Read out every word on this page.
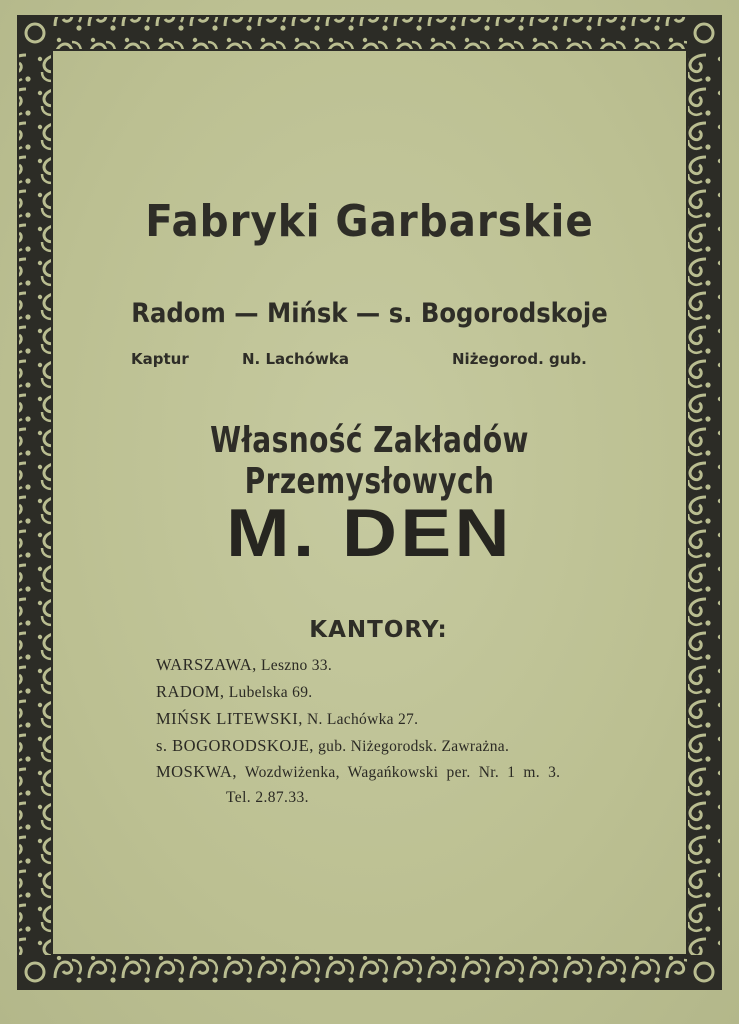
Fabryki Garbarskie
Radom — Mińsk — s. Bogorodskoje
Kaptur	N. Lachówka	Niżegorod. gub.
Własność Zakładów Przemysłowych
M. DEN
KANTORY:
WARSZAWA, Leszno 33.
RADOM, Lubelska 69.
MIŃSK LITEWSKI, N. Lachówka 27.
s. BOGORODSKOJE, gub. Niżegorodsk. Zawrażna.
MOSKWA, Wozdwiżenka, Wagańkowski per. Nr. 1 m. 3.
Tel. 2.87.33.
